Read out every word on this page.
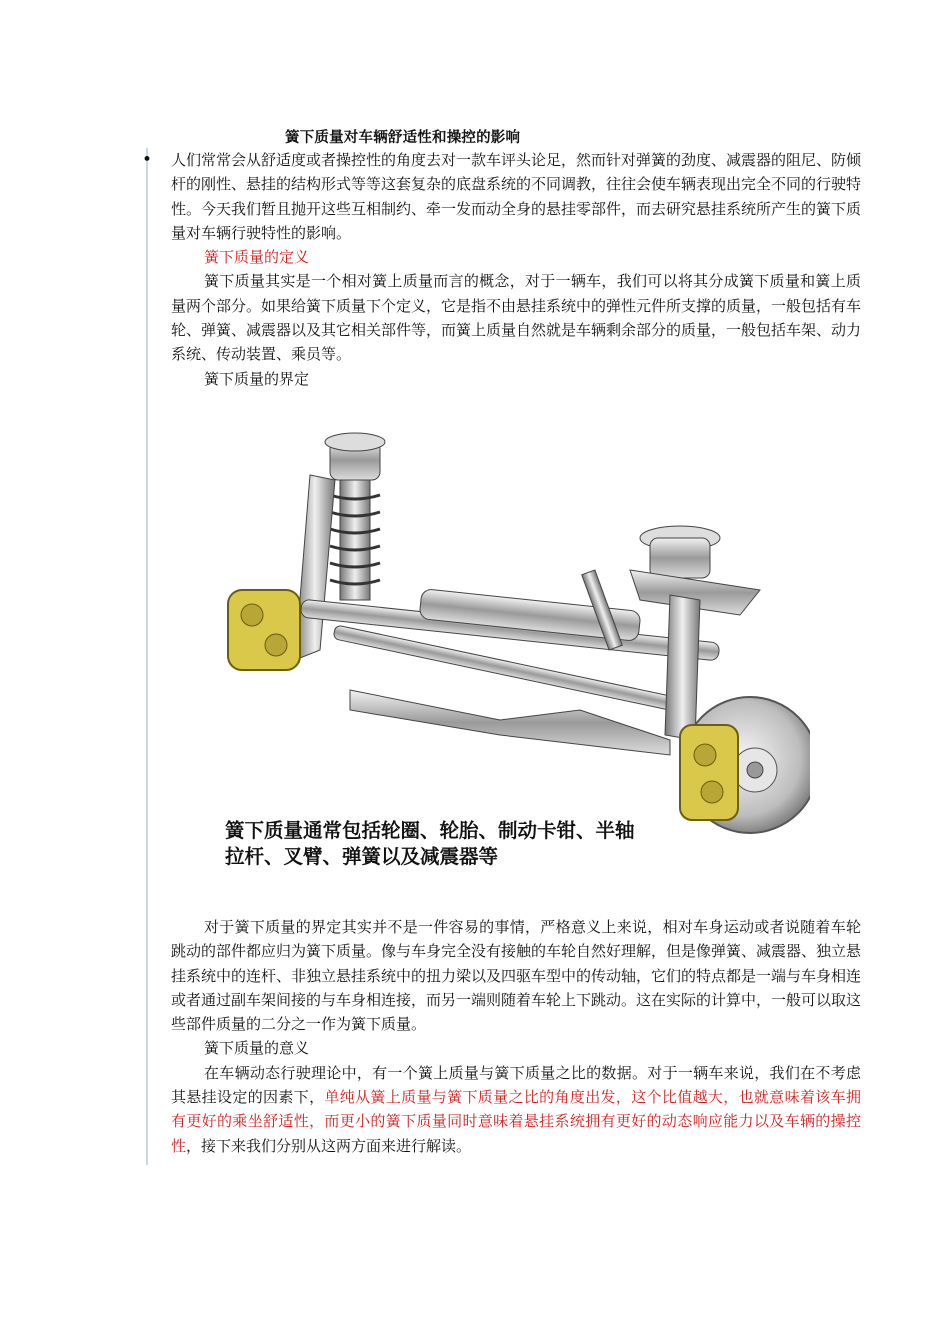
•
簧下质量对车辆舒适性和操控的影响

人们常常会从舒适度或者操控性的角度去对一款车评头论足，然而针对弹簧的劲度、减震器的阻尼、防倾杆的刚性、悬挂的结构形式等等这套复杂的底盘系统的不同调教，往往会使车辆表现出完全不同的行驶特性。今天我们暂且抛开这些互相制约、牵一发而动全身的悬挂零部件，而去研究悬挂系统所产生的簧下质量对车辆行驶特性的影响。

簧下质量的定义

簧下质量其实是一个相对簧上质量而言的概念，对于一辆车，我们可以将其分成簧下质量和簧上质量两个部分。如果给簧下质量下个定义，它是指不由悬挂系统中的弹性元件所支撑的质量，一般包括有车轮、弹簧、减震器以及其它相关部件等，而簧上质量自然就是车辆剩余部分的质量，一般包括车架、动力系统、传动装置、乘员等。

簧下质量的界定

簧下质量通常包括轮圈、轮胎、制动卡钳、半轴
拉杆、叉臂、弹簧以及减震器等

对于簧下质量的界定其实并不是一件容易的事情，严格意义上来说，相对车身运动或者说随着车轮跳动的部件都应归为簧下质量。像与车身完全没有接触的车轮自然好理解，但是像弹簧、减震器、独立悬挂系统中的连杆、非独立悬挂系统中的扭力梁以及四驱车型中的传动轴，它们的特点都是一端与车身相连或者通过副车架间接的与车身相连接，而另一端则随着车轮上下跳动。这在实际的计算中，一般可以取这些部件质量的二分之一作为簧下质量。

簧下质量的意义

在车辆动态行驶理论中，有一个簧上质量与簧下质量之比的数据。对于一辆车来说，我们在不考虑其悬挂设定的因素下，单纯从簧上质量与簧下质量之比的角度出发，这个比值越大，也就意味着该车拥有更好的乘坐舒适性，而更小的簧下质量同时意味着悬挂系统拥有更好的动态响应能力以及车辆的操控性，接下来我们分别从这两方面来进行解读。
